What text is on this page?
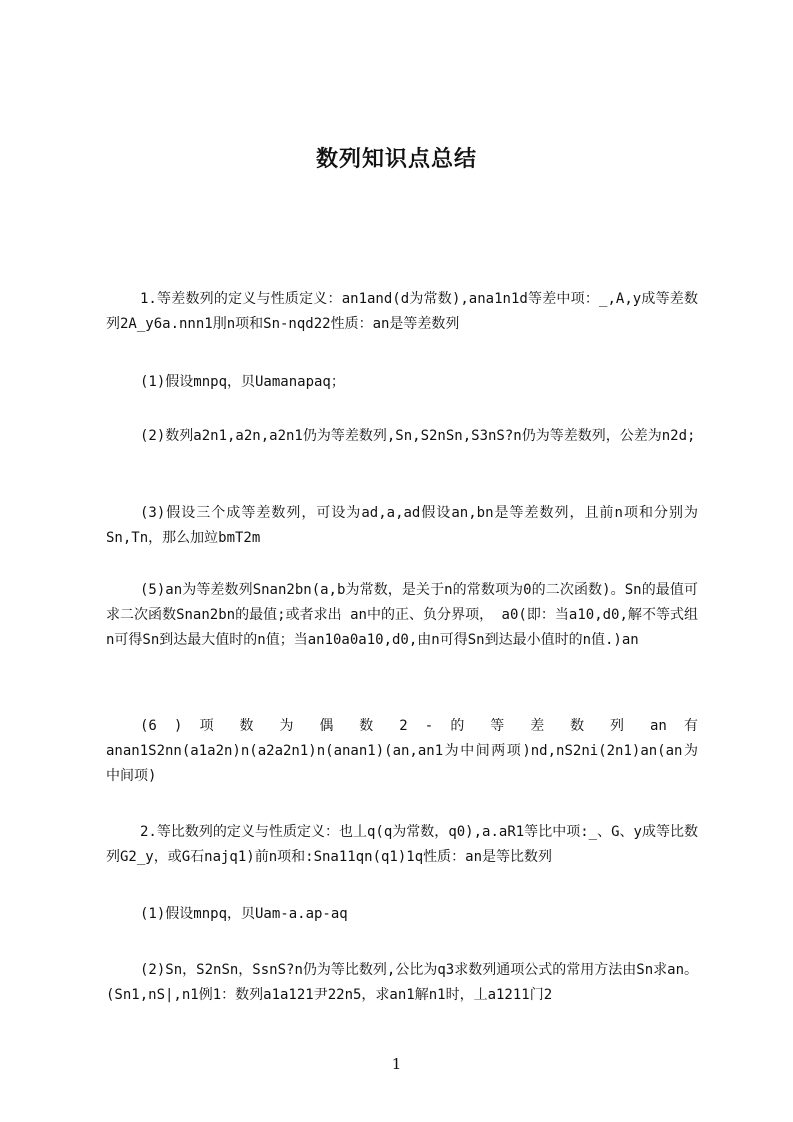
数列知识点总结

1.等差数列的定义与性质定义：an1and(d为常数),ana1n1d等差中项：_,A,y成等差数列2A_y6a.nnn1刖n项和Sn-nqd22性质：an是等差数列

(1)假设mnpq，贝Uamanapaq；

(2)数列a2n1,a2n,a2n1仍为等差数列,Sn,S2nSn,S3nS?n仍为等差数列，公差为n2d;

(3)假设三个成等差数列，可设为ad,a,ad假设an,bn是等差数列，且前n项和分别为Sn,Tn，那么加竝bmT2m

(5)an为等差数列Snan2bn(a,b为常数，是关于n的常数项为0的二次函数)。Sn的最值可求二次函数Snan2bn的最值;或者求出 an中的正、负分界项， a0(即：当a10,d0,解不等式组n可得Sn到达最大值时的n值；当an10a0a10,d0,由n可得Sn到达最小值时的n值.)an

(6 ) 项 数 为 偶 数 2 - 的 等 差 数 列 an 有 anan1S2nn(a1a2n)n(a2a2n1)n(anan1)(an,an1为中间两项)nd,nS2ni(2n1)an(an为中间项)

2.等比数列的定义与性质定义：也丄q(q为常数，q0),a.aR1等比中项:_、G、y成等比数列G2_y，或G石najq1)前n项和:Sna11qn(q1)1q性质：an是等比数列

(1)假设mnpq，贝Uam-a.ap-aq

(2)Sn，S2nSn，SsnS?n仍为等比数列,公比为q3求数列通项公式的常用方法由Sn求an。(Sn1,nS|,n1例1：数列a1a121尹22n5，求an1解n1时，丄a1211门2

1
